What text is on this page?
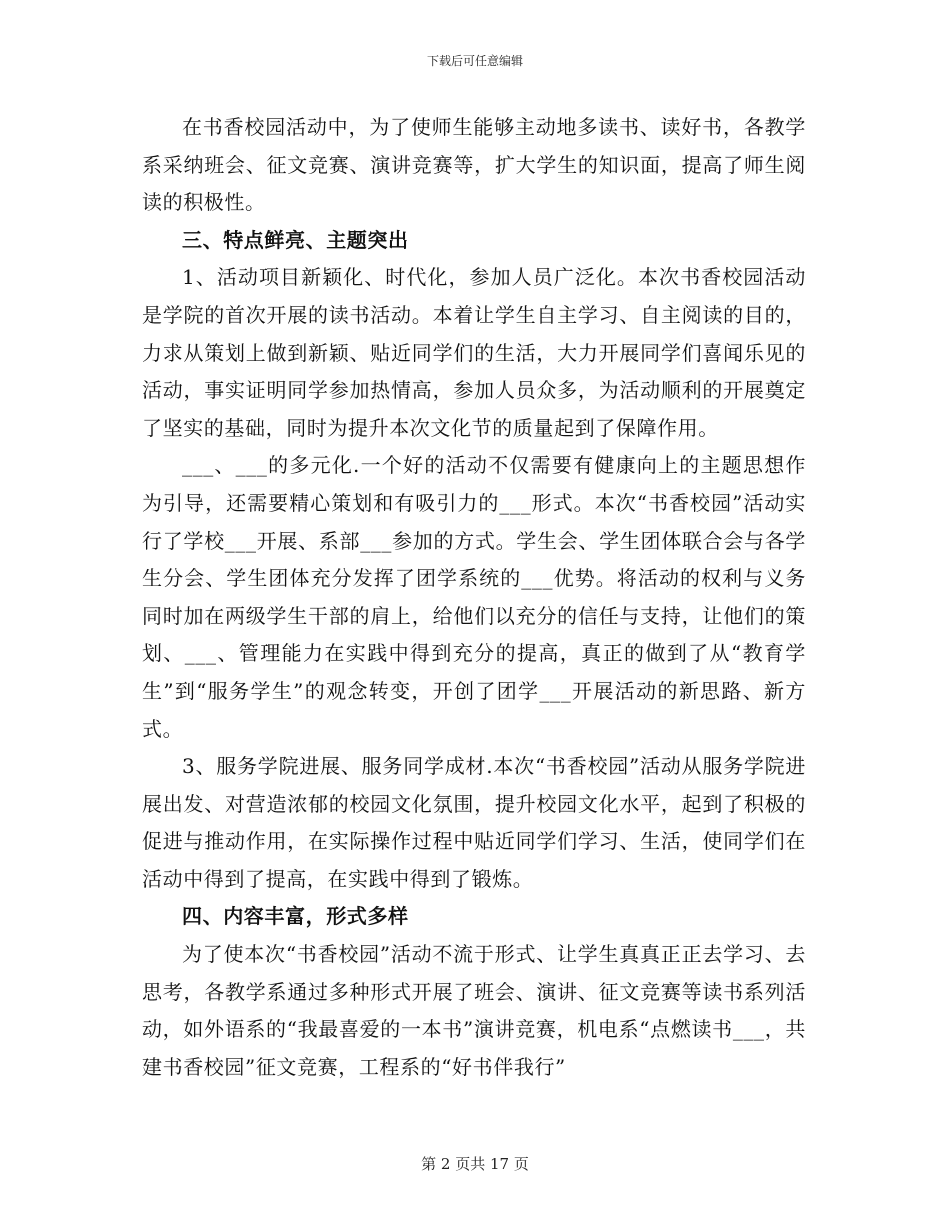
下载后可任意编辑

在书香校园活动中，为了使师生能够主动地多读书、读好书，各教学系采纳班会、征文竞赛、演讲竞赛等，扩大学生的知识面，提高了师生阅读的积极性。

三、特点鲜亮、主题突出

1、活动项目新颖化、时代化，参加人员广泛化。本次书香校园活动是学院的首次开展的读书活动。本着让学生自主学习、自主阅读的目的，力求从策划上做到新颖、贴近同学们的生活，大力开展同学们喜闻乐见的活动，事实证明同学参加热情高，参加人员众多，为活动顺利的开展奠定了坚实的基础，同时为提升本次文化节的质量起到了保障作用。

___、___的多元化.一个好的活动不仅需要有健康向上的主题思想作为引导，还需要精心策划和有吸引力的___形式。本次“书香校园”活动实行了学校___开展、系部___参加的方式。学生会、学生团体联合会与各学生分会、学生团体充分发挥了团学系统的___优势。将活动的权利与义务同时加在两级学生干部的肩上，给他们以充分的信任与支持，让他们的策划、___、管理能力在实践中得到充分的提高，真正的做到了从“教育学生”到“服务学生”的观念转变，开创了团学___开展活动的新思路、新方式。

3、服务学院进展、服务同学成材.本次“书香校园”活动从服务学院进展出发、对营造浓郁的校园文化氛围，提升校园文化水平，起到了积极的促进与推动作用，在实际操作过程中贴近同学们学习、生活，使同学们在活动中得到了提高，在实践中得到了锻炼。

四、内容丰富，形式多样

为了使本次“书香校园”活动不流于形式、让学生真真正正去学习、去思考，各教学系通过多种形式开展了班会、演讲、征文竞赛等读书系列活动，如外语系的“我最喜爱的一本书”演讲竞赛，机电系“点燃读书___，共建书香校园”征文竞赛，工程系的“好书伴我行”

第 2 页共 17 页
